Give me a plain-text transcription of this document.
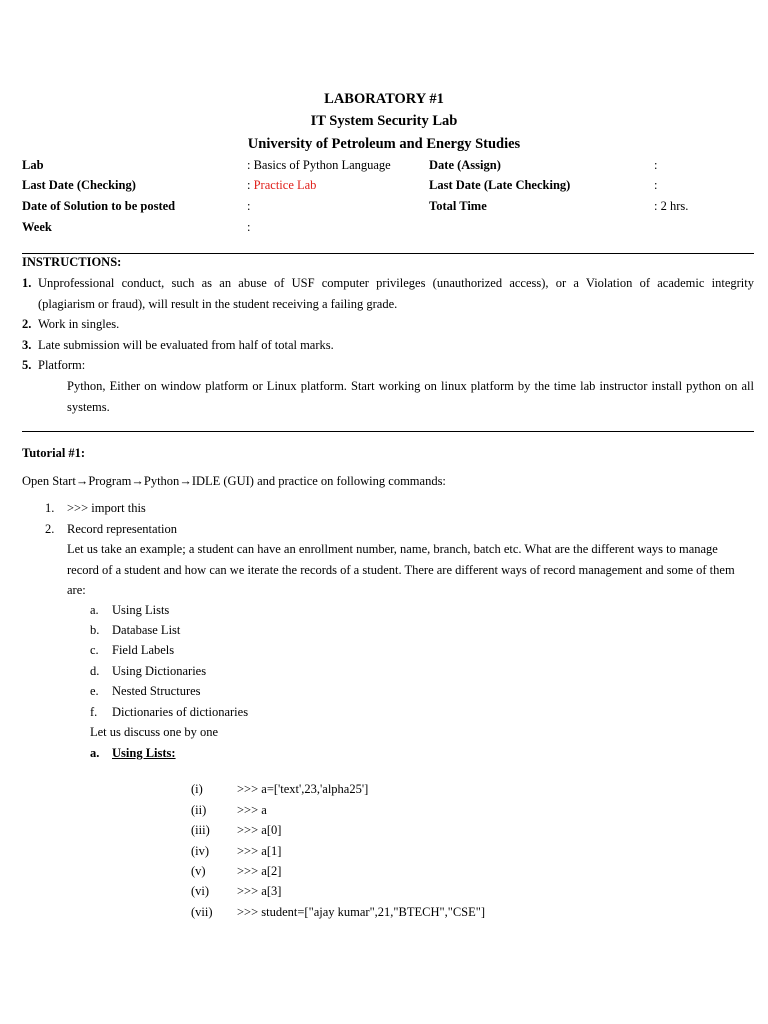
LABORATORY #1
IT System Security Lab
University of Petroleum and Energy Studies
Lab	: Basics of Python Language	Date (Assign)	:
Last Date (Checking)	: Practice Lab	Last Date (Late Checking)	:
Date of Solution to be posted	:	Total Time	: 2 hrs.
Week	:
INSTRUCTIONS:
1. Unprofessional conduct, such as an abuse of USF computer privileges (unauthorized access), or a Violation of academic integrity
(plagiarism or fraud), will result in the student receiving a failing grade.
2. Work in singles.
3. Late submission will be evaluated from half of total marks.
5. Platform:
Python, Either on window platform or Linux platform. Start working on linux platform by the time lab instructor install python on all
systems.
Tutorial #1:
Open Start→Program→Python→IDLE (GUI) and practice on following commands:
1. >>> import this
2. Record representation
Let us take an example; a student can have an enrollment number, name, branch, batch etc. What are the different ways to manage
record of a student and how can we iterate the records of a student. There are different ways of record management and some of them
are:
a. Using Lists
b. Database List
c. Field Labels
d. Using Dictionaries
e. Nested Structures
f. Dictionaries of dictionaries
Let us discuss one by one
a. Using Lists:
(i)	>>> a=['text',23,'alpha25']
(ii) >>> a
(iii) >>> a[0]
(iv) >>> a[1]
(v)	>>> a[2]
(vi) >>> a[3]
(vii) >>> student=["ajay kumar",21,"BTECH","CSE"]
